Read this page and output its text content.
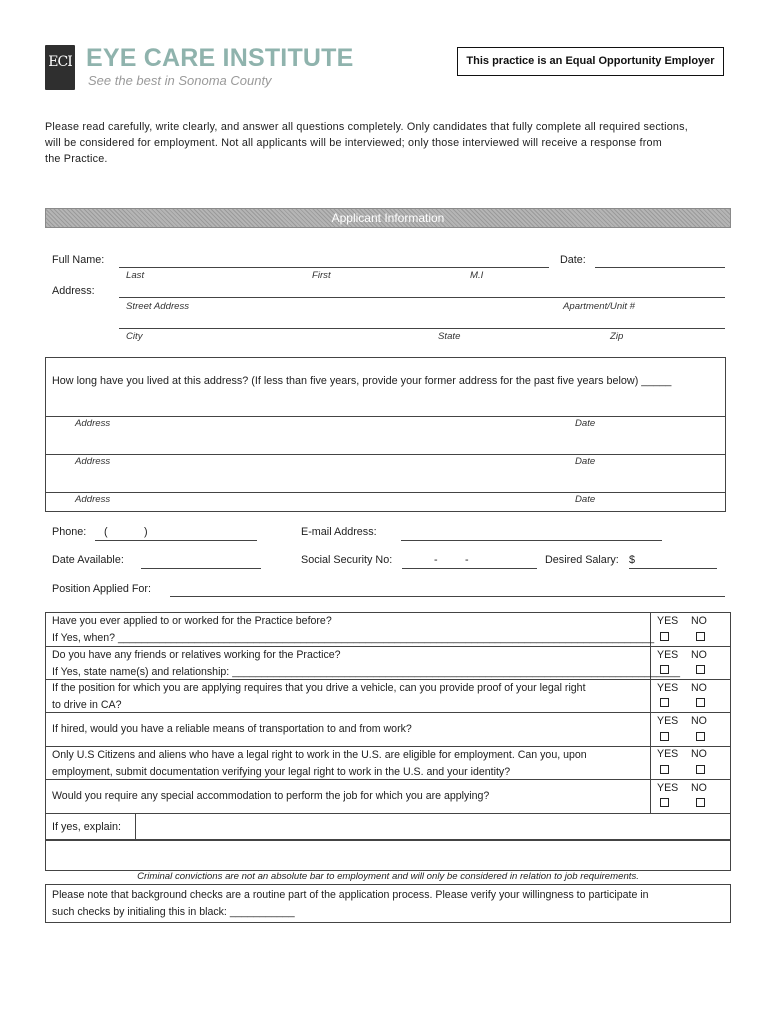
ECI EYE CARE INSTITUTE
See the best in Sonoma County
This practice is an Equal Opportunity Employer
Please read carefully, write clearly, and answer all questions completely. Only candidates that fully complete all required sections,
will be considered for employment. Not all applicants will be interviewed; only those interviewed will receive a response from
the Practice.
Applicant Information
Full Name:	Date:
Last	First	M.I
Address:
Street Address	Apartment/Unit #
City	State	Zip
How long have you lived at this address? (If less than five years, provide your former address for the past five years below) _____
Address	Date
Address	Date
Address	Date
Phone: (	)	E-mail Address:
Date Available:	Social Security No:	-	-	Desired Salary: $
Position Applied For:
Have you ever applied to or worked for the Practice before?
If Yes, when? ___________________________________________________________________________________________
YES NO
Do you have any friends or relatives working for the Practice?
If Yes, state name(s) and relationship: ____________________________________________________________________________
YES NO
If the position for which you are applying requires that you drive a vehicle, can you provide proof of your legal right
to drive in CA?
YES NO
If hired, would you have a reliable means of transportation to and from work?
YES NO
Only U.S Citizens and aliens who have a legal right to work in the U.S. are eligible for employment. Can you, upon
employment, submit documentation verifying your legal right to work in the U.S. and your identity?
YES NO
Would you require any special accommodation to perform the job for which you are applying?
YES NO
If yes, explain:
Criminal convictions are not an absolute bar to employment and will only be considered in relation to job requirements.
Please note that background checks are a routine part of the application process. Please verify your willingness to participate in
such checks by initialing this in black: ___________
